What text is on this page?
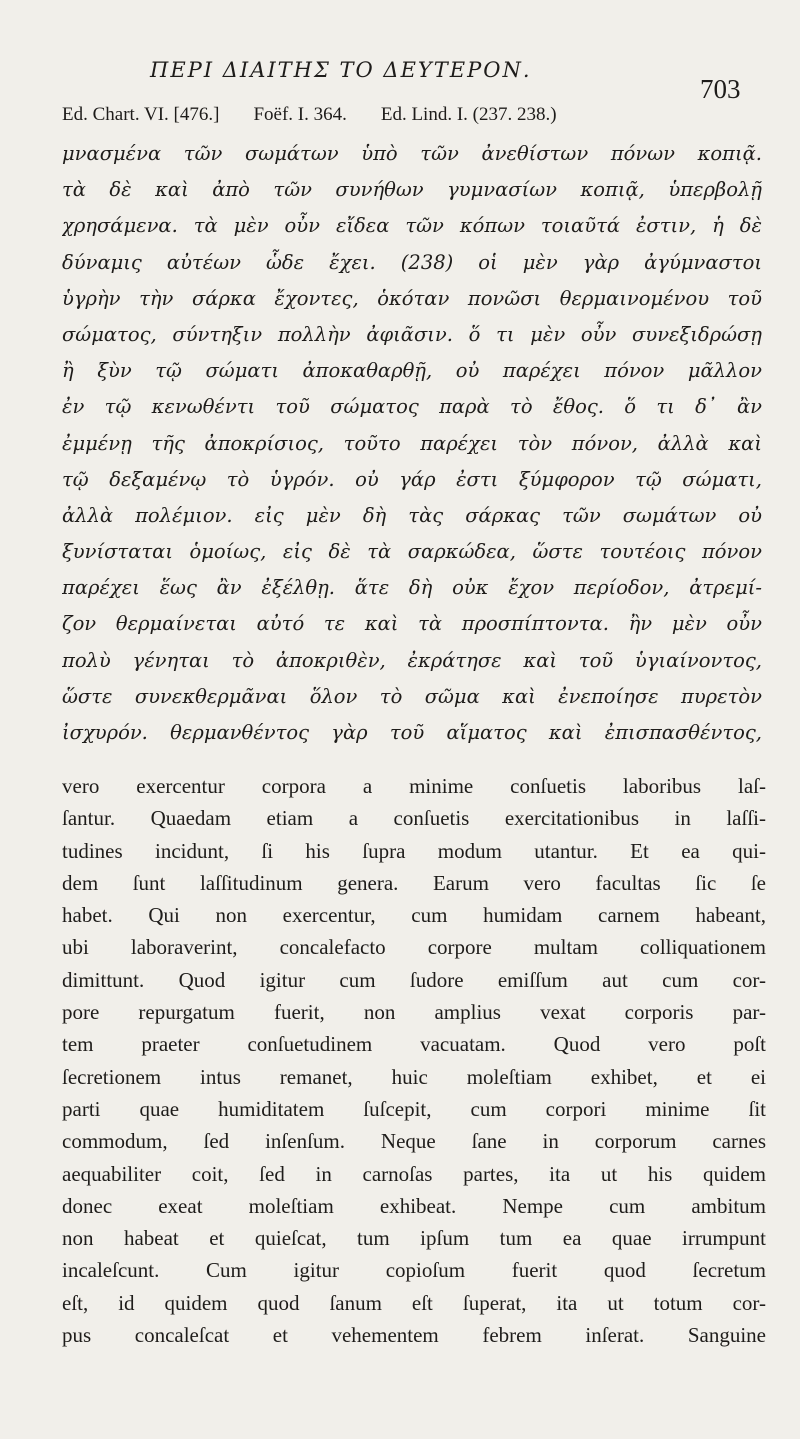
ΠΕΡΙ ΔΙΑΙΤΗΣ ΤΟ ΔΕΥΤΕΡΟΝ.
703
Ed. Chart. VI. [476.] Foëf. I. 364. Ed. Lind. I. (237. 238.)
μνασμένα τῶν σωμάτων ὑπὸ τῶν ἀνεθίστων πόνων κοπιᾷ.
τὰ δὲ καὶ ἀπὸ τῶν συνήθων γυμνασίων κοπιᾷ, ὑπερβολῇ
χρησάμενα. τὰ μὲν οὖν εἴδεα τῶν κόπων τοιαῦτά ἐστιν, ἡ δὲ
δύναμις αὐτέων ὧδε ἔχει. (238) οἱ μὲν γὰρ ἀγύμναστοι
ὑγρὴν τὴν σάρκα ἔχοντες, ὁκόταν πονῶσι θερμαινομένου τοῦ
σώματος, σύντηξιν πολλὴν ἀφιᾶσιν. ὅ τι μὲν οὖν συνεξιδρώσῃ
ἢ ξὺν τῷ σώματι ἀποκαθαρθῇ, οὐ παρέχει πόνον μᾶλλον
ἐν τῷ κενωθέντι τοῦ σώματος παρὰ τὸ ἔθος. ὅ τι δ᾽ ἂν
ἐμμένῃ τῆς ἀποκρίσιος, τοῦτο παρέχει τὸν πόνον, ἀλλὰ καὶ
τῷ δεξαμένῳ τὸ ὑγρόν. οὐ γάρ ἐστι ξύμφορον τῷ σώματι,
ἀλλὰ πολέμιον. εἰς μὲν δὴ τὰς σάρκας τῶν σωμάτων οὐ
ξυνίσταται ὁμοίως, εἰς δὲ τὰ σαρκώδεα, ὥστε τουτέοις πόνον
παρέχει ἕως ἂν ἐξέλθῃ. ἅτε δὴ οὐκ ἔχον περίοδον, ἀτρεμί-
ζον θερμαίνεται αὐτό τε καὶ τὰ προσπίπτοντα. ἢν μὲν οὖν
πολὺ γένηται τὸ ἀποκριθὲν, ἐκράτησε καὶ τοῦ ὑγιαίνοντος,
ὥστε συνεκθερμᾶναι ὅλον τὸ σῶμα καὶ ἐνεποίησε πυρετὸν
ἰσχυρόν. θερμανθέντος γὰρ τοῦ αἵματος καὶ ἐπισπασθέντος,
vero exercentur corpora a minime conſuetis laboribus laſ-
ſantur. Quaedam etiam a conſuetis exercitationibus in laſſi-
tudines incidunt, ſi his ſupra modum utantur. Et ea qui-
dem ſunt laſſitudinum genera. Earum vero facultas ſic ſe
habet. Qui non exercentur, cum humidam carnem habeant,
ubi laboraverint, concalefacto corpore multam colliquationem
dimittunt. Quod igitur cum ſudore emiſſum aut cum cor-
pore repurgatum fuerit, non amplius vexat corporis par-
tem praeter conſuetudinem vacuatam. Quod vero poſt
ſecretionem intus remanet, huic moleſtiam exhibet, et ei
parti quae humiditatem ſuſcepit, cum corpori minime ſit
commodum, ſed inſenſum. Neque ſane in corporum carnes
aequabiliter coit, ſed in carnoſas partes, ita ut his quidem
donec exeat moleſtiam exhibeat. Nempe cum ambitum
non habeat et quieſcat, tum ipſum tum ea quae irrumpunt
incaleſcunt. Cum igitur copioſum fuerit quod ſecretum
eſt, id quidem quod ſanum eſt ſuperat, ita ut totum cor-
pus concaleſcat et vehementem febrem inſerat. Sanguine
